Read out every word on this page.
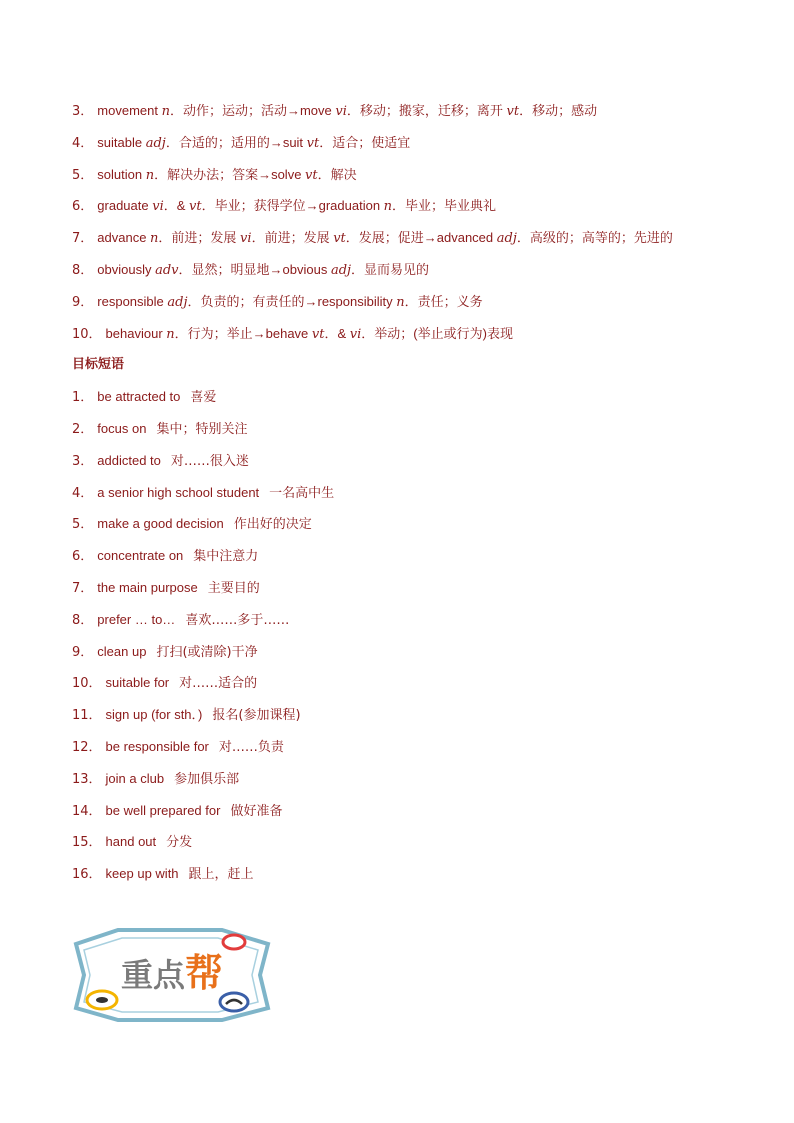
3． movement n．动作；运动；活动→move vi．移动；搬家，迁移；离开 vt．移动；感动
4． suitable adj．合适的；适用的→suit vt．适合；使适宜
5． solution n．解决办法；答案→solve vt．解决
6． graduate vi．& vt．毕业；获得学位→graduation n．毕业；毕业典礼
7． advance n．前进；发展 vi．前进；发展 vt．发展；促进→advanced adj．高级的；高等的；先进的
8． obviously adv．显然；明显地→obvious adj．显而易见的
9． responsible adj．负责的；有责任的→responsibility n．责任；义务
10． behaviour n．行为；举止→behave vt．& vi．举动；(举止或行为)表现
目标短语
1． be attracted to 喜爱
2． focus on 集中；特别关注
3． addicted to 对……很入迷
4． a senior high school student 一名高中生
5． make a good decision 作出好的决定
6． concentrate on 集中注意力
7． the main purpose 主要目的
8． prefer … to… 喜欢……多于……
9． clean up 打扫(或清除)干净
10． suitable for 对……适合的
11． sign up (for sth．) 报名(参加课程)
12． be responsible for 对……负责
13． join a club 参加俱乐部
14． be well prepared for 做好准备
15． hand out 分发
16． keep up with 跟上，赶上
重点帮
